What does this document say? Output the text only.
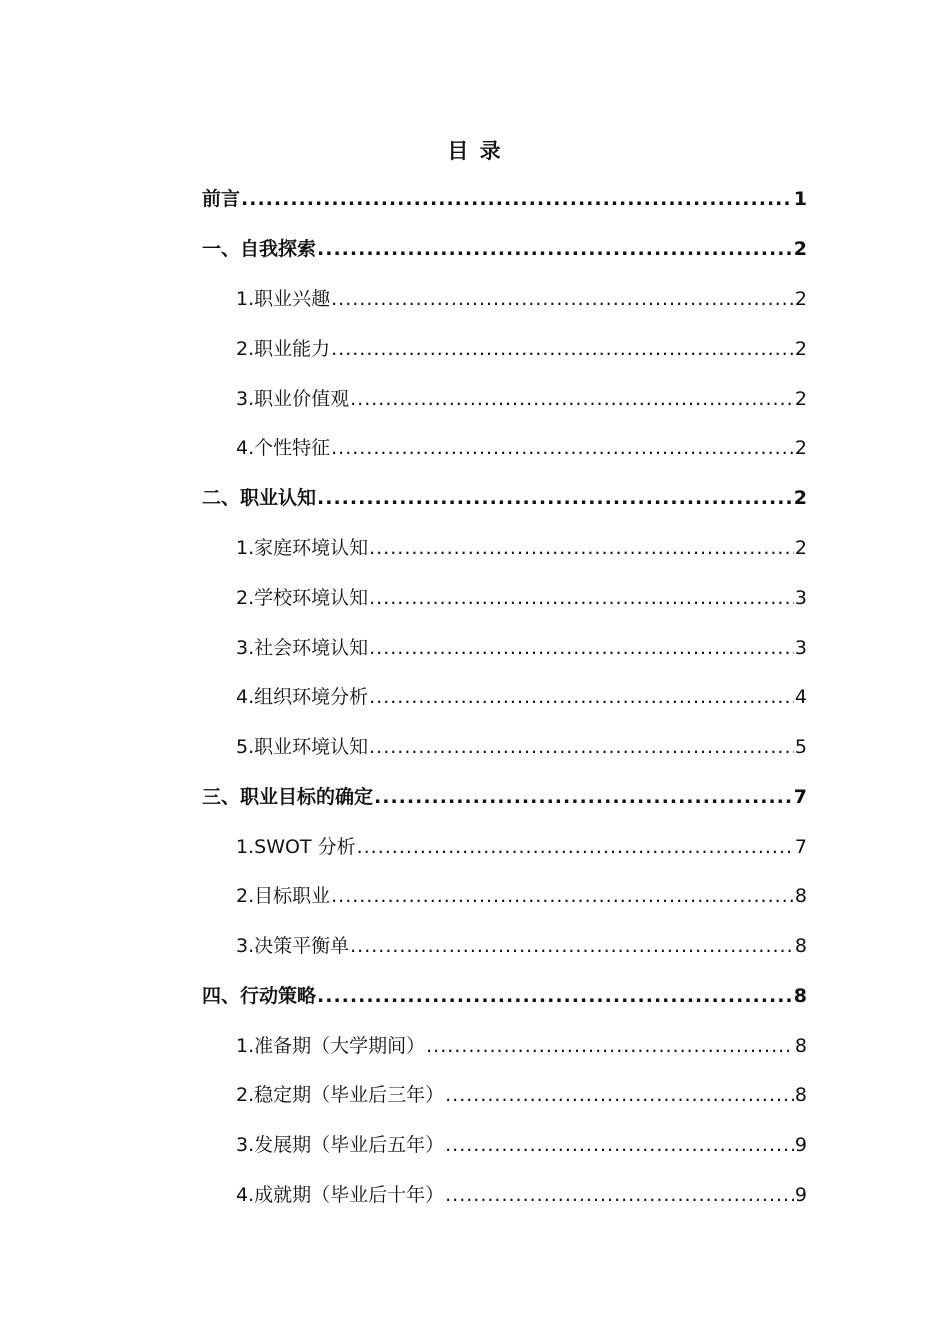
目 录
前言 .....	1
一、自我探索 .....	2
1.职业兴趣 .....	2
2.职业能力 .....	2
3.职业价值观 .....	2
4.个性特征 .....	2
二、职业认知 .....	2
1.家庭环境认知 .....	2
2.学校环境认知 .....	3
3.社会环境认知 .....	3
4.组织环境分析 .....	4
5.职业环境认知 .....	5
三、职业目标的确定 .....	7
1.SWOT 分析 .....	7
2.目标职业 .....	8
3.决策平衡单 .....	8
四、行动策略 .....	8
1.准备期（大学期间） .....	8
2.稳定期（毕业后三年） .....	8
3.发展期（毕业后五年） .....	9
4.成就期（毕业后十年） .....	9
